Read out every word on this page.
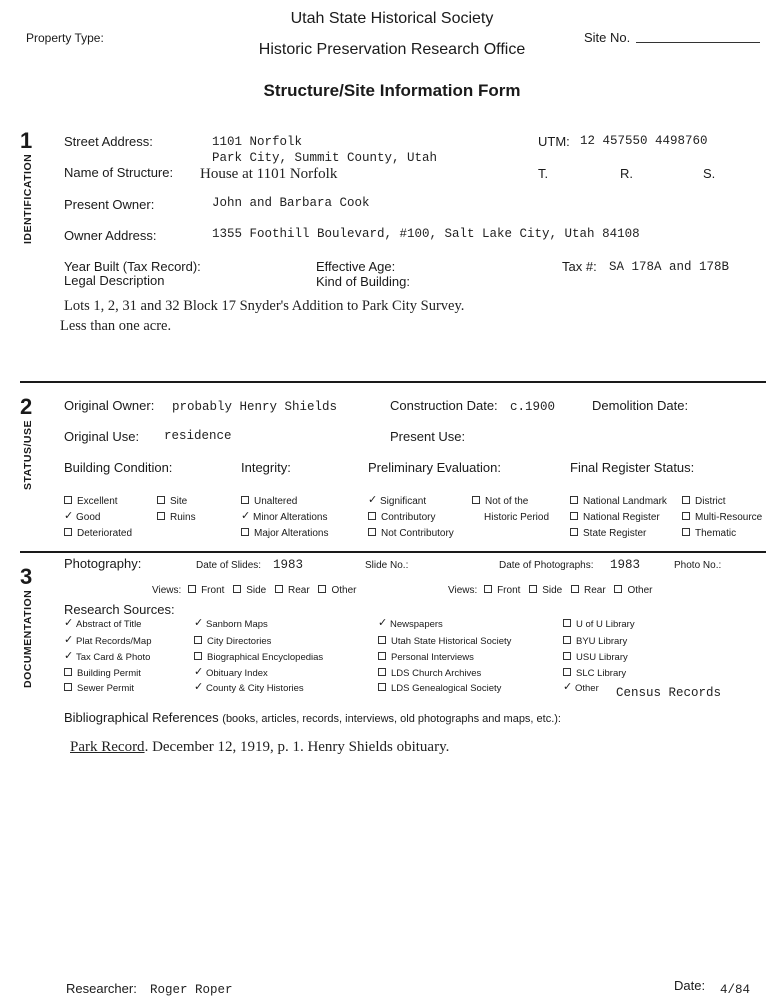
Utah State Historical Society
Property Type:	Site No.
Historic Preservation Research Office
Structure/Site Information Form
1
IDENTIFICATION
Street Address:	1101 Norfolk
Park City, Summit County, Utah
UTM: 12 457550 4498760
Name of Structure: House at 1101 Norfolk	T.	R.	S.
Present Owner:	John and Barbara Cook
Owner Address:	1355 Foothill Boulevard, #100, Salt Lake City, Utah 84108
Year Built (Tax Record):	Effective Age:	Tax #: SA 178A and 178B
Legal Description	Kind of Building:
Lots 1, 2, 31 and 32 Block 17 Snyder's Addition to Park City Survey.
Less than one acre.
2
STATUS/USE
Original Owner: probably Henry Shields	Construction Date: c.1900	Demolition Date:
Original Use: residence	Present Use:
Building Condition:	Integrity:	Preliminary Evaluation:	Final Register Status:
Excellent
✓ Good
Deteriorated
Site
Ruins
Unaltered
✓ Minor Alterations
Major Alterations
✓ Significant
Contributory
Not Contributory
Not of the
Historic Period
National Landmark
National Register
State Register
District
Multi-Resource
Thematic
3
DOCUMENTATION
Photography:	Date of Slides: 1983	Slide No.:	Date of Photographs: 1983	Photo No.:
Views: Front Side Rear Other	Views: Front Side Rear Other
Research Sources:
✓ Abstract of Title
✓ Plat Records/Map
✓ Tax Card & Photo
Building Permit
Sewer Permit
✓ Sanborn Maps
City Directories
Biographical Encyclopedias
✓ Obituary Index
✓ County & City Histories
✓ Newspapers
Utah State Historical Society
Personal Interviews
LDS Church Archives
LDS Genealogical Society
U of U Library
BYU Library
USU Library
SLC Library
✓ Other Census Records
Bibliographical References (books, articles, records, interviews, old photographs and maps, etc.):
Park Record. December 12, 1919, p. 1. Henry Shields obituary.
Researcher: Roger Roper	Date: 4/84
